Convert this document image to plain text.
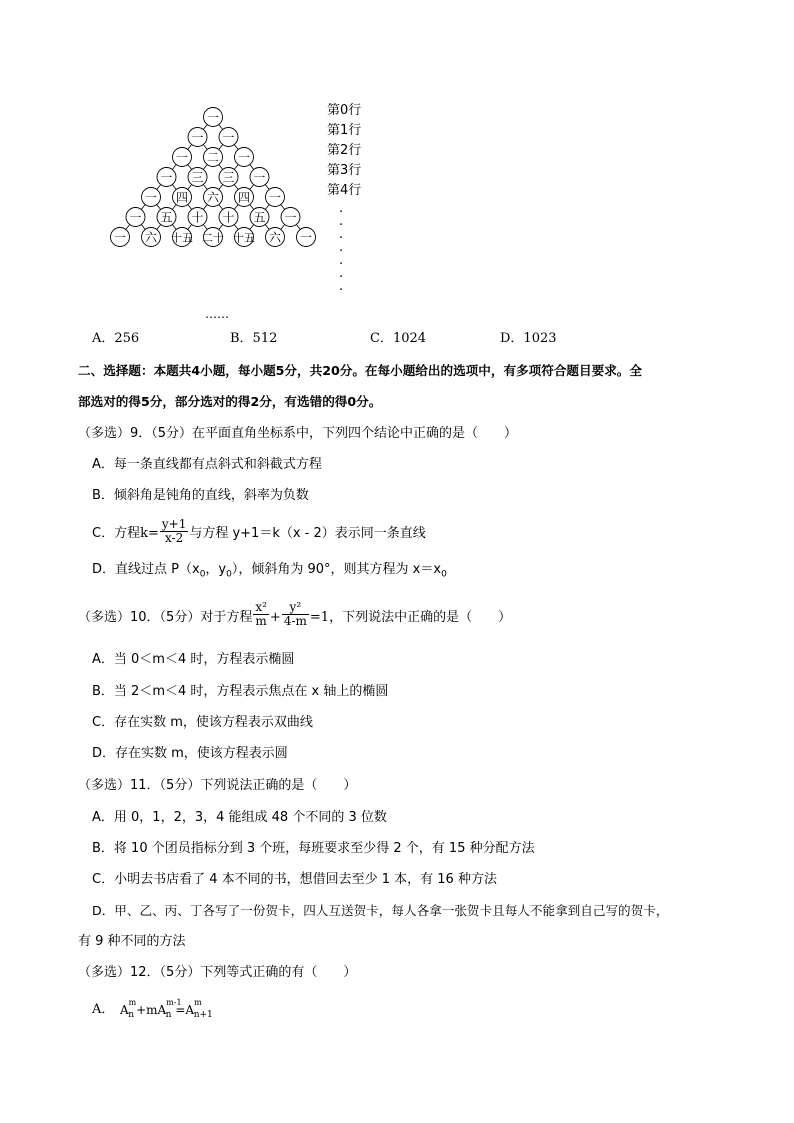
一
一 一
一 二 一
一 三 三 一
一 四 六 四 一
一 五 十 十 五 一
一 六 十五 二十 十五 六 一
第0行
第1行
第2行
第3行
第4行
·
·
·
·
·
·
·
……
A．256	B．512	C．1024	D．1023
二、选择题：本题共4小题，每小题5分，共20分。在每小题给出的选项中，有多项符合题目要求。全
部选对的得5分，部分选对的得2分，有选错的得0分。
（多选）9．（5分）在平面直角坐标系中，下列四个结论中正确的是（　　）
A．每一条直线都有点斜式和斜截式方程
B．倾斜角是钝角的直线，斜率为负数
C．方程$k= \frac{y+1}{x-2}$ 与方程 y+1＝k（x - 2）表示同一条直线
D．直线过点 $P(x_0$，$y_0$），倾斜角为 90°，则其方程为 $x=x_0$
（多选）10．（5分）对于方程 $\frac{\text{x²}}{m} + \frac{\text{y²}}{4-m} =1$，下列说法中正确的是（　　）
A．当 0＜m＜4 时，方程表示椭圆
B．当 2＜m＜4 时，方程表示焦点在 x 轴上的椭圆
C．存在实数 m，使该方程表示双曲线
D．存在实数 m，使该方程表示圆
（多选）11．（5分）下列说法正确的是（　　）
A．用 0，1，2，3，4 能组成 48 个不同的 3 位数
B．将 10 个团员指标分到 3 个班，每班要求至少得 2 个，有 15 种分配方法
C．小明去书店看了 4 本不同的书，想借回去至少 1 本，有 16 种方法
D．甲、乙、丙、丁各写了一份贺卡，四人互送贺卡，每人各拿一张贺卡且每人不能拿到自己写的贺卡，
有 9 种不同的方法
（多选）12．（5分）下列等式正确的有（　　）
A． $A^m_n +mA^{m-1}_n =A^m_{n+1}$
